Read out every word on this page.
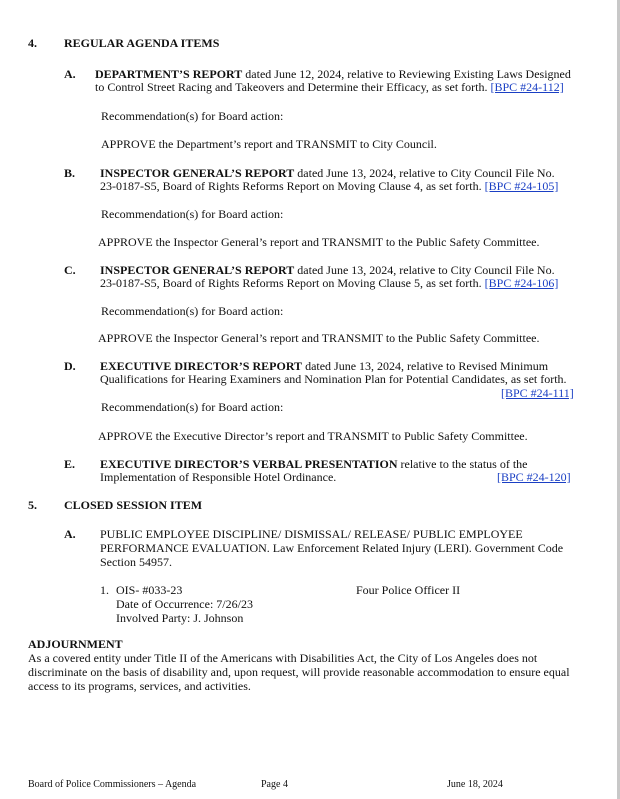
4. REGULAR AGENDA ITEMS
A. DEPARTMENT’S REPORT dated June 12, 2024, relative to Reviewing Existing Laws Designed
to Control Street Racing and Takeovers and Determine their Efficacy, as set forth. [BPC #24-112]
Recommendation(s) for Board action:
APPROVE the Department’s report and TRANSMIT to City Council.
B. INSPECTOR GENERAL’S REPORT dated June 13, 2024, relative to City Council File No.
23-0187-S5, Board of Rights Reforms Report on Moving Clause 4, as set forth. [BPC #24-105]
Recommendation(s) for Board action:
APPROVE the Inspector General’s report and TRANSMIT to the Public Safety Committee.
C. INSPECTOR GENERAL’S REPORT dated June 13, 2024, relative to City Council File No.
23-0187-S5, Board of Rights Reforms Report on Moving Clause 5, as set forth. [BPC #24-106]
Recommendation(s) for Board action:
APPROVE the Inspector General’s report and TRANSMIT to the Public Safety Committee.
D. EXECUTIVE DIRECTOR’S REPORT dated June 13, 2024, relative to Revised Minimum
Qualifications for Hearing Examiners and Nomination Plan for Potential Candidates, as set forth.
[BPC #24-111]
Recommendation(s) for Board action:
APPROVE the Executive Director’s report and TRANSMIT to Public Safety Committee.
E. EXECUTIVE DIRECTOR’S VERBAL PRESENTATION relative to the status of the
Implementation of Responsible Hotel Ordinance.	[BPC #24-120]
5. CLOSED SESSION ITEM
A. PUBLIC EMPLOYEE DISCIPLINE/ DISMISSAL/ RELEASE/ PUBLIC EMPLOYEE
PERFORMANCE EVALUATION. Law Enforcement Related Injury (LERI). Government Code
Section 54957.
1. OIS- #033-23
Date of Occurrence: 7/26/23
Involved Party: J. Johnson
Four Police Officer II
ADJOURNMENT
As a covered entity under Title II of the Americans with Disabilities Act, the City of Los Angeles does not
discriminate on the basis of disability and, upon request, will provide reasonable accommodation to ensure equal
access to its programs, services, and activities.
Board of Police Commissioners – Agenda	Page 4	June 18, 2024
